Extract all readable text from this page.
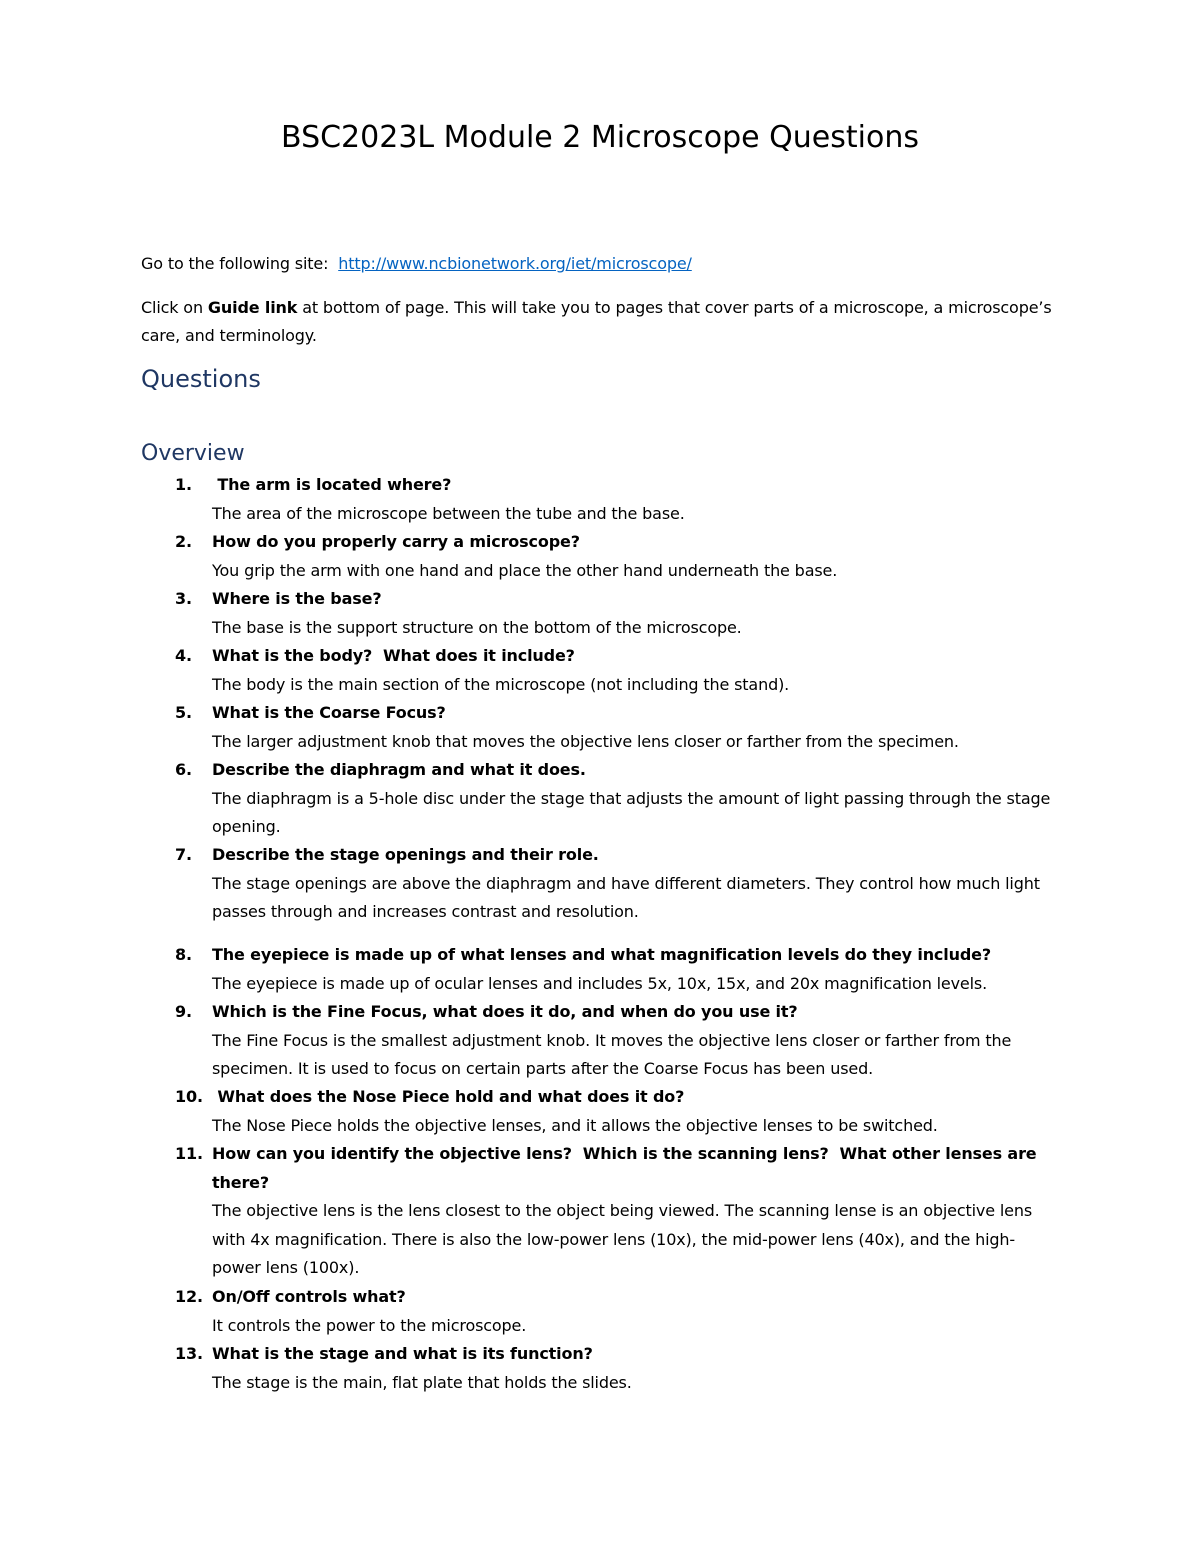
BSC2023L Module 2 Microscope Questions

Go to the following site:  http://www.ncbionetwork.org/iet/microscope/

Click on Guide link at bottom of page. This will take you to pages that cover parts of a microscope, a microscope’s care, and terminology.

Questions
Overview
1.	The arm is located where?
The area of the microscope between the tube and the base.
2.	How do you properly carry a microscope?
You grip the arm with one hand and place the other hand underneath the base.
3.	Where is the base?
The base is the support structure on the bottom of the microscope.
4.	What is the body?  What does it include?
The body is the main section of the microscope (not including the stand).
5.	What is the Coarse Focus?
The larger adjustment knob that moves the objective lens closer or farther from the specimen.
6.	Describe the diaphragm and what it does.
The diaphragm is a 5-hole disc under the stage that adjusts the amount of light passing through the stage opening.
7.	Describe the stage openings and their role.
The stage openings are above the diaphragm and have different diameters. They control how much light passes through and increases contrast and resolution.
8.	The eyepiece is made up of what lenses and what magnification levels do they include?
The eyepiece is made up of ocular lenses and includes 5x, 10x, 15x, and 20x magnification levels.
9.	Which is the Fine Focus, what does it do, and when do you use it?
The Fine Focus is the smallest adjustment knob. It moves the objective lens closer or farther from the specimen. It is used to focus on certain parts after the Coarse Focus has been used.
10. What does the Nose Piece hold and what does it do?
The Nose Piece holds the objective lenses, and it allows the objective lenses to be switched.
11. How can you identify the objective lens?  Which is the scanning lens?  What other lenses are there?
The objective lens is the lens closest to the object being viewed. The scanning lense is an objective lens with 4x magnification. There is also the low-power lens (10x), the mid-power lens (40x), and the high-power lens (100x).
12. On/Off controls what?
It controls the power to the microscope.
13. What is the stage and what is its function?
The stage is the main, flat plate that holds the slides.
